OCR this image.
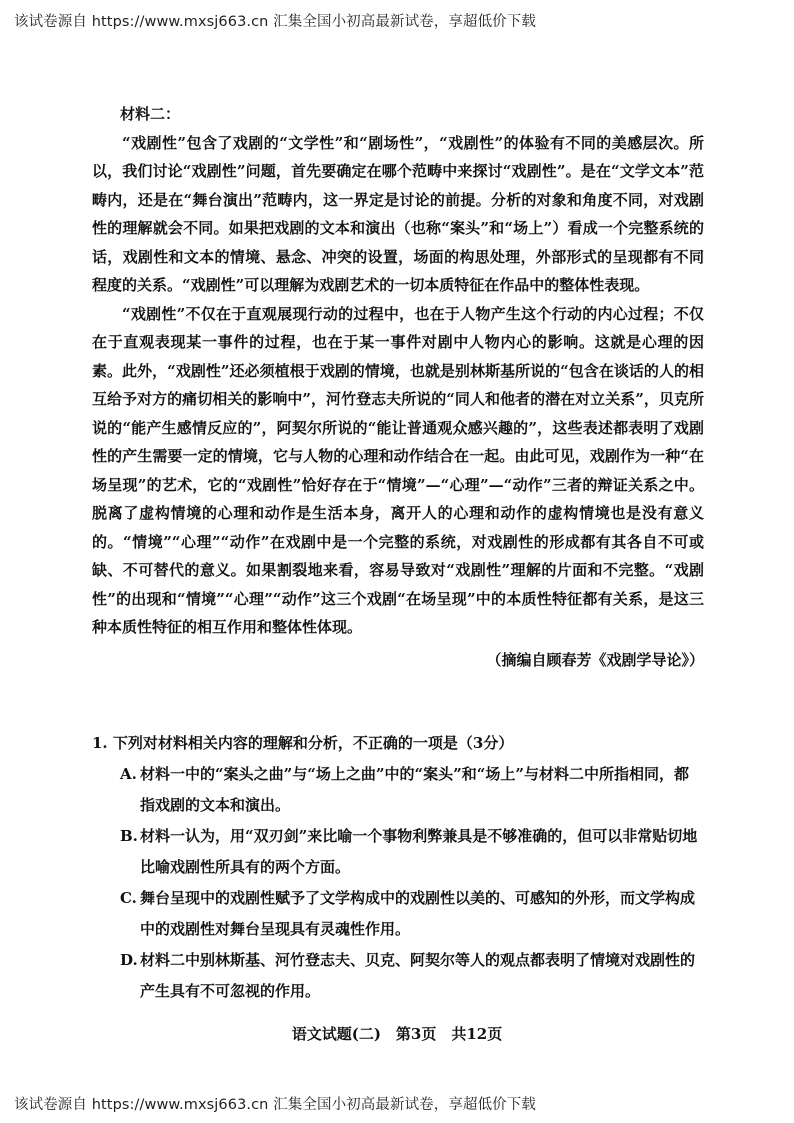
该试卷源自 https://www.mxsj663.cn 汇集全国小初高最新试卷，享超低价下载

材料二：

“戏剧性”包含了戏剧的“文学性”和“剧场性”，“戏剧性”的体验有不同的美感层次。所以，我们讨论“戏剧性”问题，首先要确定在哪个范畴中来探讨“戏剧性”。是在“文学文本”范畴内，还是在“舞台演出”范畴内，这一界定是讨论的前提。分析的对象和角度不同，对戏剧性的理解就会不同。如果把戏剧的文本和演出（也称“案头”和“场上”）看成一个完整系统的话，戏剧性和文本的情境、悬念、冲突的设置，场面的构思处理，外部形式的呈现都有不同程度的关系。“戏剧性”可以理解为戏剧艺术的一切本质特征在作品中的整体性表现。

“戏剧性”不仅在于直观展现行动的过程中，也在于人物产生这个行动的内心过程；不仅在于直观表现某一事件的过程，也在于某一事件对剧中人物内心的影响。这就是心理的因素。此外，“戏剧性”还必须植根于戏剧的情境，也就是别林斯基所说的“包含在谈话的人的相互给予对方的痛切相关的影响中”，河竹登志夫所说的“同人和他者的潜在对立关系”，贝克所说的“能产生感情反应的”，阿契尔所说的“能让普通观众感兴趣的”，这些表述都表明了戏剧性的产生需要一定的情境，它与人物的心理和动作结合在一起。由此可见，戏剧作为一种“在场呈现”的艺术，它的“戏剧性”恰好存在于“情境”—“心理”—“动作”三者的辩证关系之中。脱离了虚构情境的心理和动作是生活本身，离开人的心理和动作的虚构情境也是没有意义的。“情境”“心理”“动作”在戏剧中是一个完整的系统，对戏剧性的形成都有其各自不可或缺、不可替代的意义。如果割裂地来看，容易导致对“戏剧性”理解的片面和不完整。“戏剧性”的出现和“情境”“心理”“动作”这三个戏剧“在场呈现”中的本质性特征都有关系，是这三种本质性特征的相互作用和整体性体现。

（摘编自顾春芳《戏剧学导论》）

1. 下列对材料相关内容的理解和分析，不正确的一项是（3分）

A. 材料一中的“案头之曲”与“场上之曲”中的“案头”和“场上”与材料二中所指相同，都指戏剧的文本和演出。
B. 材料一认为，用“双刃剑”来比喻一个事物利弊兼具是不够准确的，但可以非常贴切地比喻戏剧性所具有的两个方面。
C. 舞台呈现中的戏剧性赋予了文学构成中的戏剧性以美的、可感知的外形，而文学构成中的戏剧性对舞台呈现具有灵魂性作用。
D. 材料二中别林斯基、河竹登志夫、贝克、阿契尔等人的观点都表明了情境对戏剧性的产生具有不可忽视的作用。
语文试题(二)　第3页　共12页
该试卷源自 https://www.mxsj663.cn 汇集全国小初高最新试卷，享超低价下载
